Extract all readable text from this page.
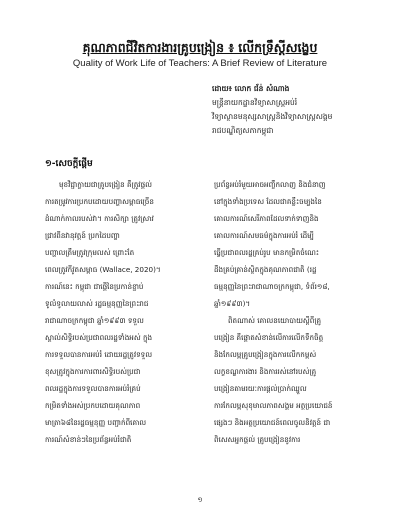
គុណភាពជីវិតការងារគ្រូបង្រៀន ៖ លើកទ្រឹស្តីសង្ខេប
Quality of Work Life of Teachers: A Brief Review of Literature
ដោយ៖ លោក ជ័ន់ សំណាង
មន្ត្រីនាយកដ្ឋានវិទ្យាសាស្ត្រអប់រំ
វិទ្យាស្ថានមនុស្សសាស្ត្រនិងវិទ្យាសាស្ត្រសង្គម
រាជបណ្ឌិត្យសភាកម្ពុជា
១-សេចក្តីផ្តើម
មុខវិជ្ជាក្លាយជាគ្រូបង្រៀន គឺត្រូវផ្តល់
ការតម្រូវការប្រកបដោយបញ្ហាសម្ពាធច្រើន
ដំណាក់កាលរបស់វា។ ការសិក្សា ត្រូវស្រាវ
ជ្រាវពីនវានុវត្តន៍ ប្រកដៃបញ្ហា
បញ្ហាលត្រឹមត្រូវក្រុមលស់ ព្រោះតែ
ពេលត្រូវកីវូតសម្ពាធ (Wallace, 2020)។
ការណ៍នេះ កម្ពុជា ជាផ្តេីនៃប្រកាន់ខ្ជាប់
ទូលំទូលាយលាស់ រដ្ឋធម្មនុញ្ញនៃព្រះរាជ
រាជាណាចក្រកម្ពុជា ឆ្នាំ១៩៩៣ ទទួល
ស្គាល់សិទ្ធិរបស់ប្រជាពលរដ្ឋទាំងអស់ ក្នុង
ការទទួលបានការអប់រំ ដោយរដ្ឋត្រូវទទួល
ខុសត្រូវក្នុងការការពារសិទ្ធិរបស់ប្រជា
ពលរដ្ឋក្នុងការទទួលបានការអប់រំគ្រប់
កម្រិតទាំងអស់ប្រកបដោយគុណភាព
មាត្រា៦៨នៃរដ្ឋធម្មនុញ្ញ បញ្ជាក់ពីគោល
ការណ៍សំខាន់ៗនៃប្រព័ន្ធអប់រំជាតិ
ប្រព័ន្ធអប់រំមួយអាចអញ្ចឹកលាញ និងជំនាញ
នៅក្នុងទាំងប្រទេស ដែលជាគន្លឹះចម្បងនៃ
គោលការណ៍សេរីភាពដែលទាក់ទាញនិង
គោលការណ៍សមធម៌ក្នុងការអប់រំ ដើម្បី
ធ្វើប្រជាពលរដ្ឋគ្រប់រូប មានកម្រិតចំណេះ
ដឹងគ្រប់គ្រាន់ស្ថិតក្នុងគុណភាពជាតិ (រដ្ឋ
ធម្មនុញ្ញនៃព្រះរាជាណាចក្រកម្ពុជា, ទំព័រ១៨,
ឆ្នាំ១៩៩៣)។
ពិតណាស់ គោលនយោបាយស្តីពីគ្រូ
បង្រៀន គឺផ្តោតសំខាន់លើការលើកទឹកចិត្ត
និងកែលម្អគ្រូបង្រៀនក្នុងការលើកកម្ពស់
លក្ខខណ្ឌការងារ និងការរស់នៅរបស់គ្រូ
បង្រៀនតាមរយៈការផ្តល់ប្រាក់ឈ្នួល
ការកែលម្អសុខុមាលភាពសង្គម អត្ថប្រយោជន៍
ផ្សេងៗ និងអត្ថប្រយោជន៍ពេលចូលនិវត្តន៍ ជា
ពិសេសអ្នកផ្តល់ គ្រូបង្រៀននូវការ
១
